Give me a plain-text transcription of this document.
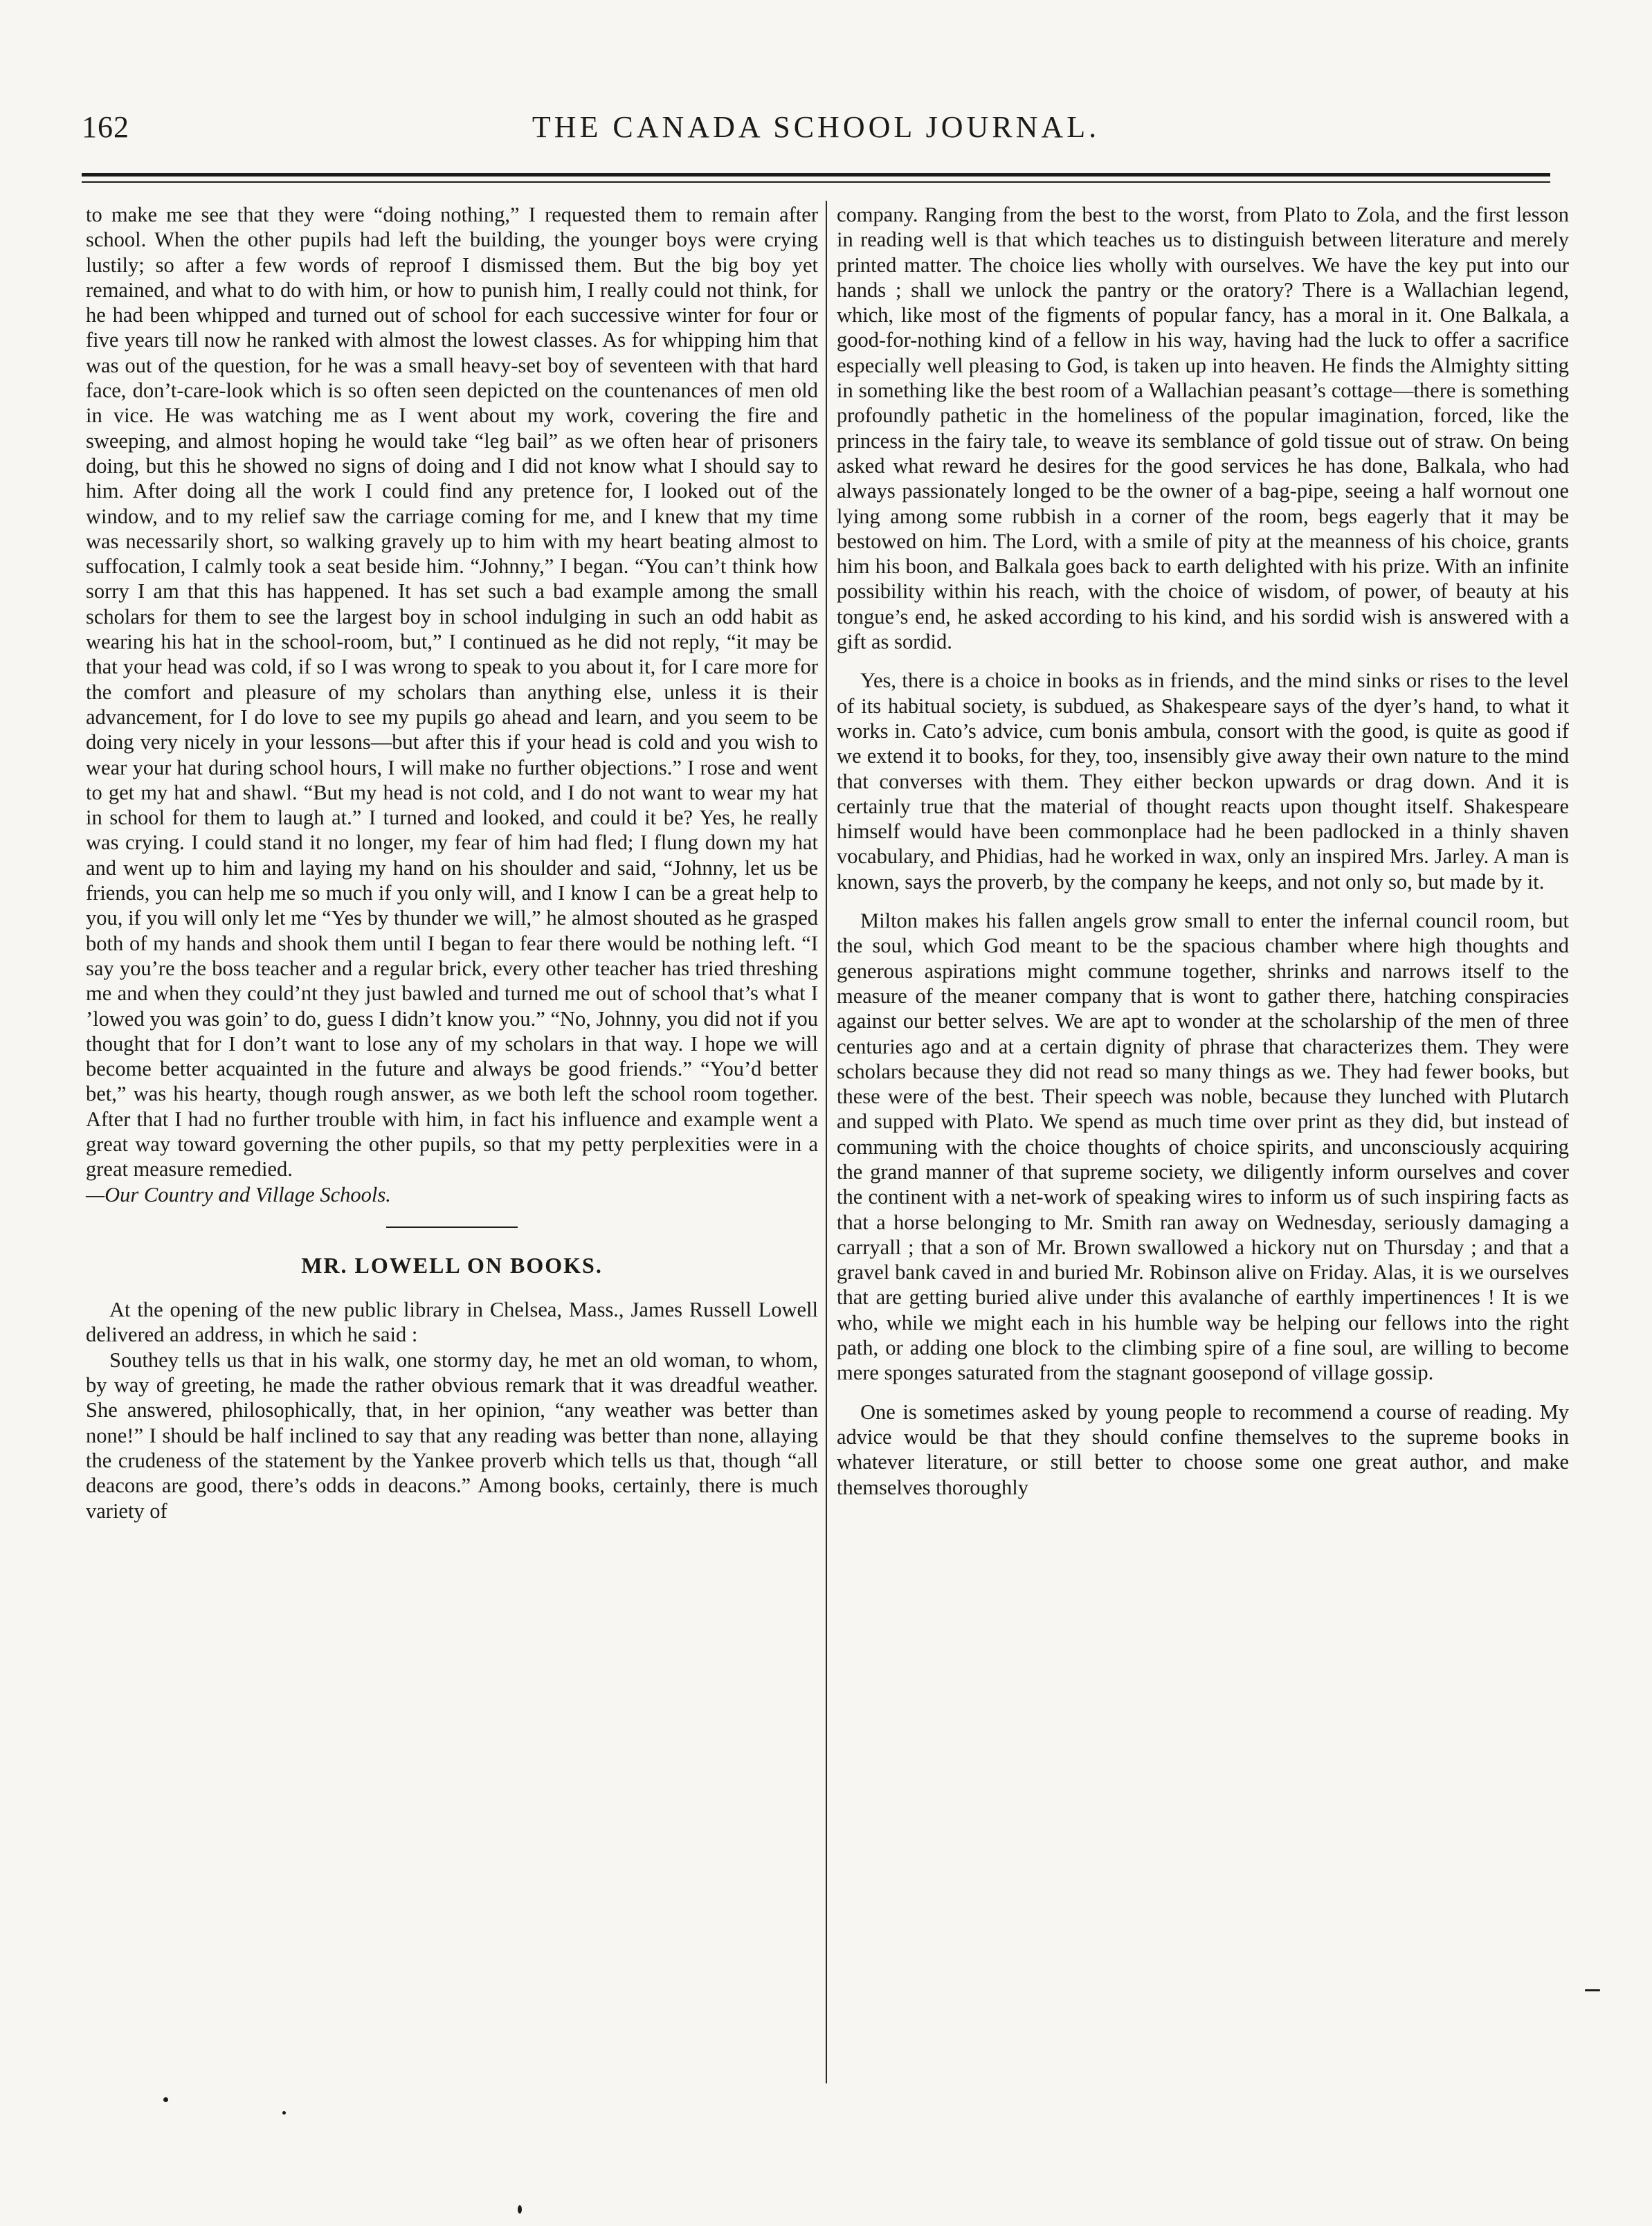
162	THE CANADA SCHOOL JOURNAL.

to make me see that they were “doing nothing,” I requested them to remain after school. When the other pupils had left the building, the younger boys were crying lustily; so after a few words of reproof I dismissed them. But the big boy yet remained, and what to do with him, or how to punish him, I really could not think, for he had been whipped and turned out of school for each successive winter for four or five years till now he ranked with almost the lowest classes. As for whipping him that was out of the question, for he was a small heavy-set boy of seventeen with that hard face, don’t-care-look which is so often seen depicted on the countenances of men old in vice. He was watching me as I went about my work, covering the fire and sweeping, and almost hoping he would take “leg bail” as we often hear of prisoners doing, but this he showed no signs of doing and I did not know what I should say to him. After doing all the work I could find any pretence for, I looked out of the window, and to my relief saw the carriage coming for me, and I knew that my time was necessarily short, so walking gravely up to him with my heart beating almost to suffocation, I calmly took a seat beside him. “Johnny,” I began. “You can’t think how sorry I am that this has happened. It has set such a bad example among the small scholars for them to see the largest boy in school indulging in such an odd habit as wearing his hat in the school-room, but,” I continued as he did not reply, “it may be that your head was cold, if so I was wrong to speak to you about it, for I care more for the comfort and pleasure of my scholars than anything else, unless it is their advancement, for I do love to see my pupils go ahead and learn, and you seem to be doing very nicely in your lessons—but after this if your head is cold and you wish to wear your hat during school hours, I will make no further objections.” I rose and went to get my hat and shawl. “But my head is not cold, and I do not want to wear my hat in school for them to laugh at.” I turned and looked, and could it be? Yes, he really was crying. I could stand it no longer, my fear of him had fled; I flung down my hat and went up to him and laying my hand on his shoulder and said, “Johnny, let us be friends, you can help me so much if you only will, and I know I can be a great help to you, if you will only let me “Yes by thunder we will,” he almost shouted as he grasped both of my hands and shook them until I began to fear there would be nothing left. “I say you’re the boss teacher and a regular brick, every other teacher has tried threshing me and when they could’nt they just bawled and turned me out of school that’s what I ’lowed you was goin’ to do, guess I didn’t know you.” “No, Johnny, you did not if you thought that for I don’t want to lose any of my scholars in that way. I hope we will become better acquainted in the future and always be good friends.” “You’d better bet,” was his hearty, though rough answer, as we both left the school room together. After that I had no further trouble with him, in fact his influence and example went a great way toward governing the other pupils, so that my petty perplexities were in a great measure remedied.

—Our Country and Village Schools.

MR. LOWELL ON BOOKS.

At the opening of the new public library in Chelsea, Mass., James Russell Lowell delivered an address, in which he said :

Southey tells us that in his walk, one stormy day, he met an old woman, to whom, by way of greeting, he made the rather obvious remark that it was dreadful weather. She answered, philosophically, that, in her opinion, “any weather was better than none!” I should be half inclined to say that any reading was better than none, allaying the crudeness of the statement by the Yankee proverb which tells us that, though “all deacons are good, there’s odds in deacons.” Among books, certainly, there is much variety of

company. Ranging from the best to the worst, from Plato to Zola, and the first lesson in reading well is that which teaches us to distinguish between literature and merely printed matter. The choice lies wholly with ourselves. We have the key put into our hands ; shall we unlock the pantry or the oratory? There is a Wallachian legend, which, like most of the figments of popular fancy, has a moral in it. One Balkala, a good-for-nothing kind of a fellow in his way, having had the luck to offer a sacrifice especially well pleasing to God, is taken up into heaven. He finds the Almighty sitting in something like the best room of a Wallachian peasant’s cottage—there is something profoundly pathetic in the homeliness of the popular imagination, forced, like the princess in the fairy tale, to weave its semblance of gold tissue out of straw. On being asked what reward he desires for the good services he has done, Balkala, who had always passionately longed to be the owner of a bag-pipe, seeing a half wornout one lying among some rubbish in a corner of the room, begs eagerly that it may be bestowed on him. The Lord, with a smile of pity at the meanness of his choice, grants him his boon, and Balkala goes back to earth delighted with his prize. With an infinite possibility within his reach, with the choice of wisdom, of power, of beauty at his tongue’s end, he asked according to his kind, and his sordid wish is answered with a gift as sordid.

Yes, there is a choice in books as in friends, and the mind sinks or rises to the level of its habitual society, is subdued, as Shakespeare says of the dyer’s hand, to what it works in. Cato’s advice, cum bonis ambula, consort with the good, is quite as good if we extend it to books, for they, too, insensibly give away their own nature to the mind that converses with them. They either beckon upwards or drag down. And it is certainly true that the material of thought reacts upon thought itself. Shakespeare himself would have been commonplace had he been padlocked in a thinly shaven vocabulary, and Phidias, had he worked in wax, only an inspired Mrs. Jarley. A man is known, says the proverb, by the company he keeps, and not only so, but made by it.

Milton makes his fallen angels grow small to enter the infernal council room, but the soul, which God meant to be the spacious chamber where high thoughts and generous aspirations might commune together, shrinks and narrows itself to the measure of the meaner company that is wont to gather there, hatching conspiracies against our better selves. We are apt to wonder at the scholarship of the men of three centuries ago and at a certain dignity of phrase that characterizes them. They were scholars because they did not read so many things as we. They had fewer books, but these were of the best. Their speech was noble, because they lunched with Plutarch and supped with Plato. We spend as much time over print as they did, but instead of communing with the choice thoughts of choice spirits, and unconsciously acquiring the grand manner of that supreme society, we diligently inform ourselves and cover the continent with a net-work of speaking wires to inform us of such inspiring facts as that a horse belonging to Mr. Smith ran away on Wednesday, seriously damaging a carryall ; that a son of Mr. Brown swallowed a hickory nut on Thursday ; and that a gravel bank caved in and buried Mr. Robinson alive on Friday. Alas, it is we ourselves that are getting buried alive under this avalanche of earthly impertinences ! It is we who, while we might each in his humble way be helping our fellows into the right path, or adding one block to the climbing spire of a fine soul, are willing to become mere sponges saturated from the stagnant goosepond of village gossip.

One is sometimes asked by young people to recommend a course of reading. My advice would be that they should confine themselves to the supreme books in whatever literature, or still better to choose some one great author, and make themselves thoroughly
